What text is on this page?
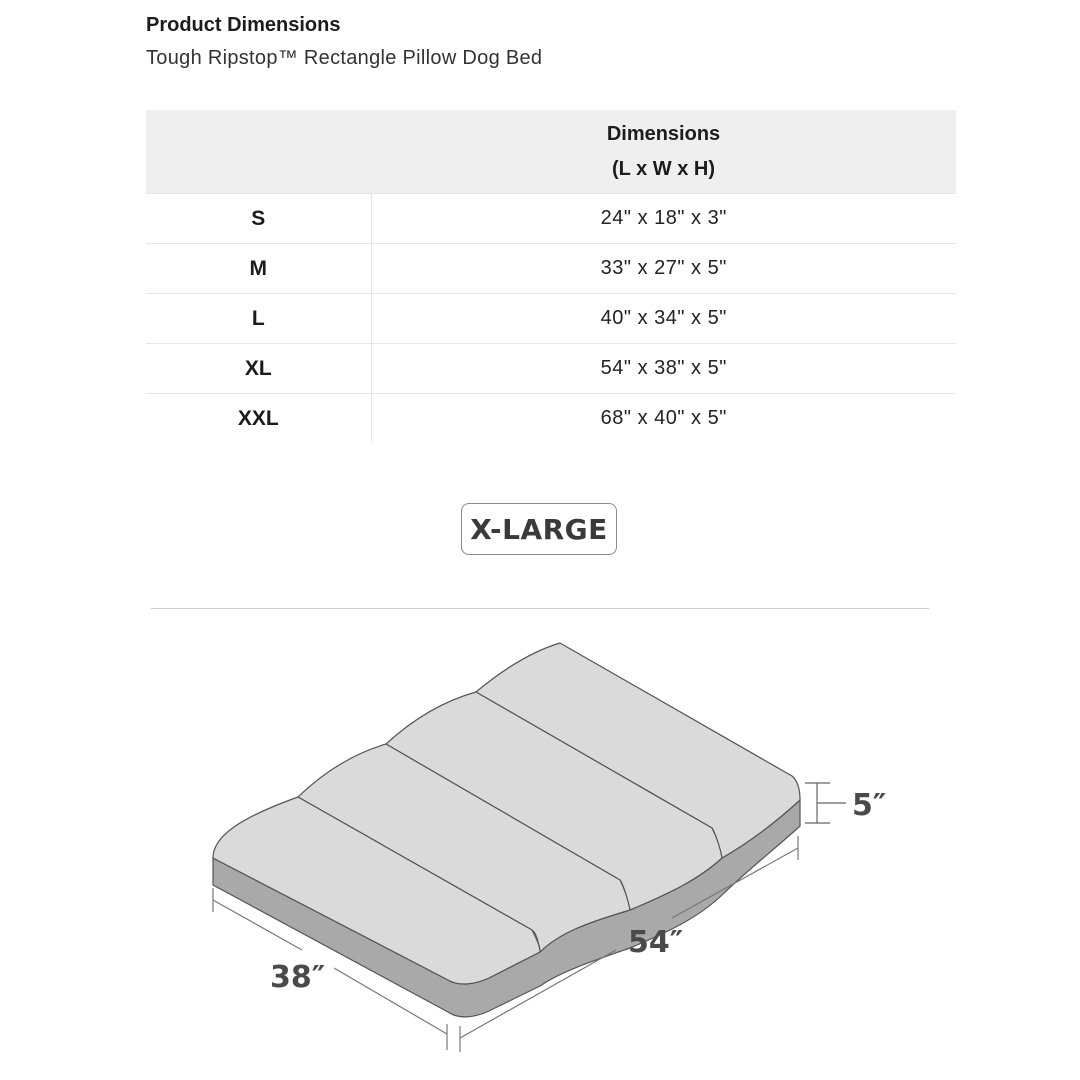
Product Dimensions
Tough Ripstop™ Rectangle Pillow Dog Bed

	Dimensions
(L x W x H)

S	24" x 18" x 3"
M	33" x 27" x 5"
L	40" x 34" x 5"
XL	54" x 38" x 5"
XXL	68" x 40" x 5"
X-LARGE
5″
54″
38″
